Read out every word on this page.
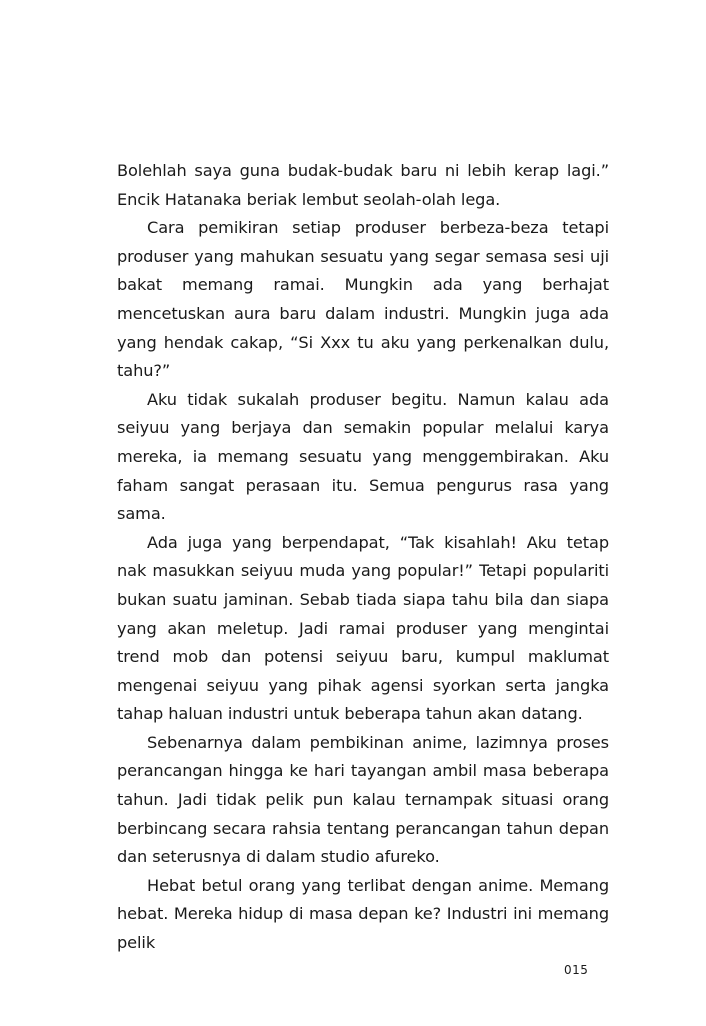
Bolehlah saya guna budak-budak baru ni lebih kerap lagi.” Encik Hatanaka beriak lembut seolah-olah lega.

Cara pemikiran setiap produser berbeza-beza tetapi produser yang mahukan sesuatu yang segar semasa sesi uji bakat memang ramai. Mungkin ada yang berhajat mencetuskan aura baru dalam industri. Mungkin juga ada yang hendak cakap, “Si Xxx tu aku yang perkenalkan dulu, tahu?”

Aku tidak sukalah produser begitu. Namun kalau ada seiyuu yang berjaya dan semakin popular melalui karya mereka, ia memang sesuatu yang menggembirakan. Aku faham sangat perasaan itu. Semua pengurus rasa yang sama.

Ada juga yang berpendapat, “Tak kisahlah! Aku tetap nak masukkan seiyuu muda yang popular!” Tetapi populariti bukan suatu jaminan. Sebab tiada siapa tahu bila dan siapa yang akan meletup. Jadi ramai produser yang mengintai trend mob dan potensi seiyuu baru, kumpul maklumat mengenai seiyuu yang pihak agensi syorkan serta jangka tahap haluan industri untuk beberapa tahun akan datang.

Sebenarnya dalam pembikinan anime, lazimnya proses perancangan hingga ke hari tayangan ambil masa beberapa tahun. Jadi tidak pelik pun kalau ternampak situasi orang berbincang secara rahsia tentang perancangan tahun depan dan seterusnya di dalam studio afureko.

Hebat betul orang yang terlibat dengan anime. Memang hebat. Mereka hidup di masa depan ke? Industri ini memang pelik

015
